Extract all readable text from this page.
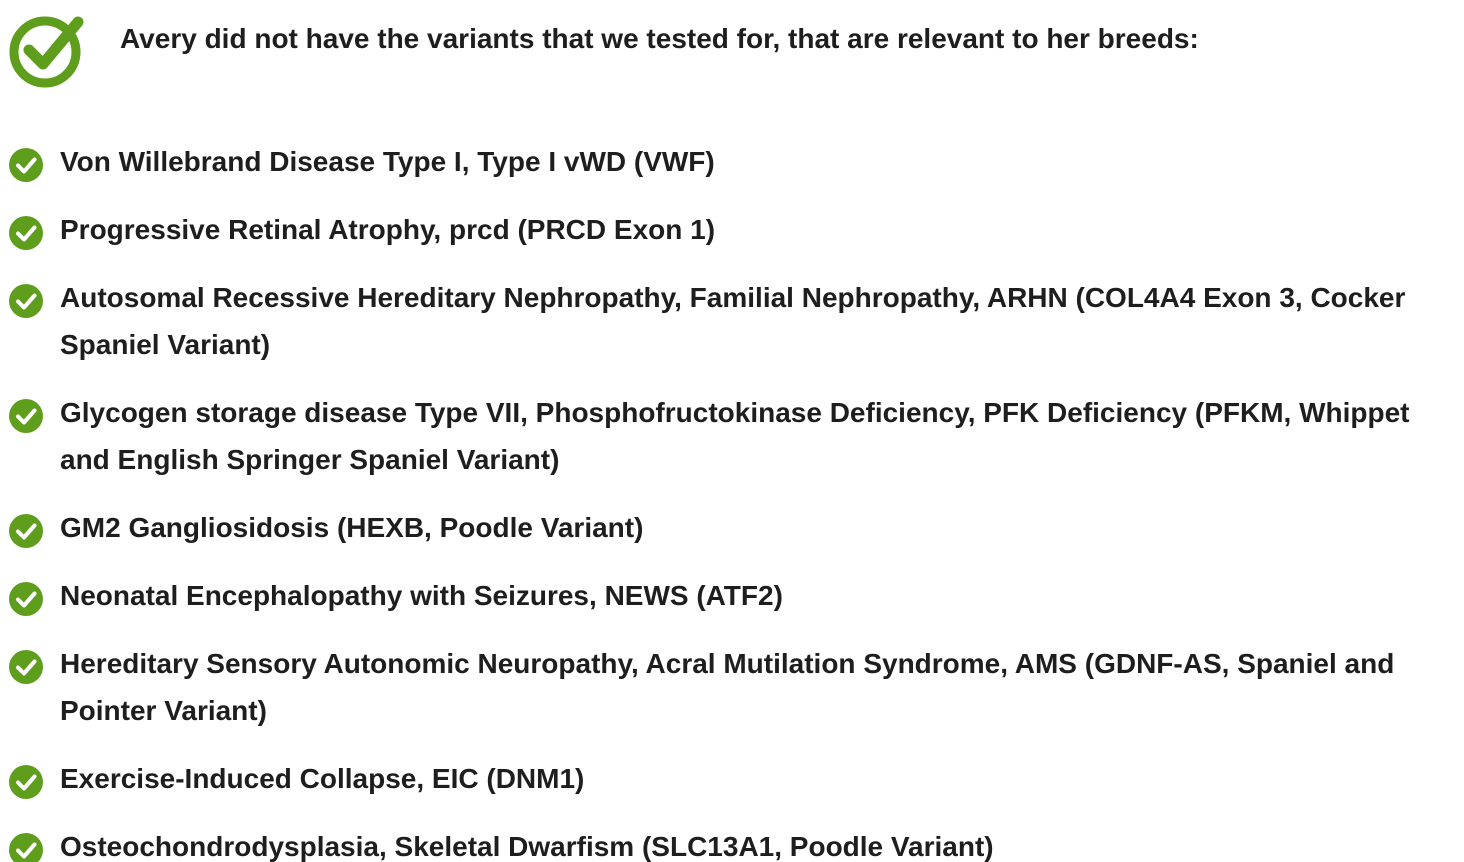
Avery did not have the variants that we tested for, that are relevant to her breeds:
Von Willebrand Disease Type I, Type I vWD (VWF)
Progressive Retinal Atrophy, prcd (PRCD Exon 1)
Autosomal Recessive Hereditary Nephropathy, Familial Nephropathy, ARHN (COL4A4 Exon 3, Cocker Spaniel Variant)
Glycogen storage disease Type VII, Phosphofructokinase Deficiency, PFK Deficiency (PFKM, Whippet and English Springer Spaniel Variant)
GM2 Gangliosidosis (HEXB, Poodle Variant)
Neonatal Encephalopathy with Seizures, NEWS (ATF2)
Hereditary Sensory Autonomic Neuropathy, Acral Mutilation Syndrome, AMS (GDNF-AS, Spaniel and Pointer Variant)
Exercise-Induced Collapse, EIC (DNM1)
Osteochondrodysplasia, Skeletal Dwarfism (SLC13A1, Poodle Variant)
